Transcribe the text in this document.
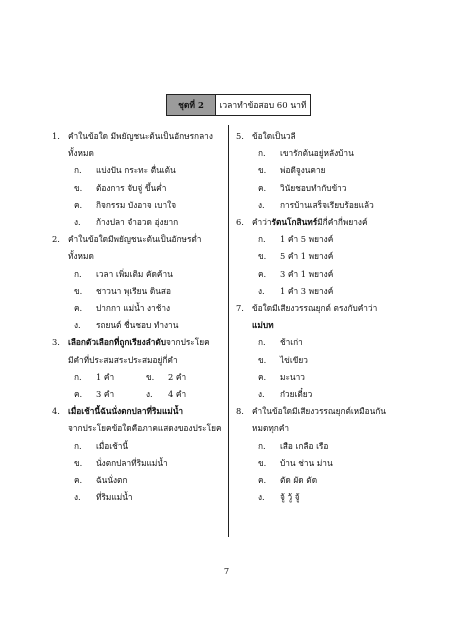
ชุดที่ 2	เวลาทำข้อสอบ 60 นาที
1. คำในข้อใด มีพยัญชนะต้นเป็นอักษรกลาง
ทั้งหมด
ก.	แบ่งปัน กระทะ ตื่นเต้น
ข.	ต้องการ จับจู่ ขึ้นค่ำ
ค.	กิจกรรม บังอาจ เบาใจ
ง.	ก้างปลา จำอวด อุ่งยาก
2. คำในข้อใดมีพยัญชนะต้นเป็นอักษรต่ำ
ทั้งหมด
ก.	เวลา เพิ่มเติม คัดค้าน
ข.	ชาวนา พุเรียน ดินสอ
ค.	ปากกา แม่น้ำ งาช้าง
ง.	รถยนต์ ชื่นชอบ ทำงาน
3. เลือกตัวเลือกที่ถูกเรียงลำดับ จากประโยค
มีคำที่ประสมสระประสมอยู่กี่คำ
ก.	1 คำ	ข.	2 คำ
ค.	3 คำ	ง.	4 คำ
4. เมื่อเช้านี้ฉันนั่งตกปลาที่ริมแม่น้ำ
จากประโยคข้อใดคือภาคแสดงของประโยค
ก.	เมื่อเช้านี้
ข.	นั่งตกปลาที่ริมแม่น้ำ
ค.	ฉันนั่งตก
ง.	ที่ริมแม่น้ำ
5. ข้อใดเป็นวลี
ก.	เขารักต้นอยู่หลังบ้าน
ข.	พ่อดีจูงนคาย
ค.	วินัยชอบทำกับข้าว
ง.	การบ้านเสร็จเรียบร้อยแล้ว
6. คำว่า รัตนโกสินทร์ มีกี่คำกี่พยางค์
ก.	1 คำ 5 พยางค์
ข.	5 คำ 1 พยางค์
ค.	3 คำ 1 พยางค์
ง.	1 คำ 3 พยางค์
7. ข้อใดมีเสียงวรรณยุกต์ ตรงกับคำว่า
แม่บท
ก.	ช้าเก่า
ข.	ไข่เขียว
ค.	มะนาว
ง.	ก๋วยเตี๋ยว
8. คำในข้อใดมีเสียงวรรณยุกต์เหมือนกัน
หมดทุกคำ
ก.	เสือ เกลือ เรือ
ข.	บ้าน ช่าน ม่าน
ค.	ตัด ผัด ตัด
ง.	จู้ วู้ จู้
7
